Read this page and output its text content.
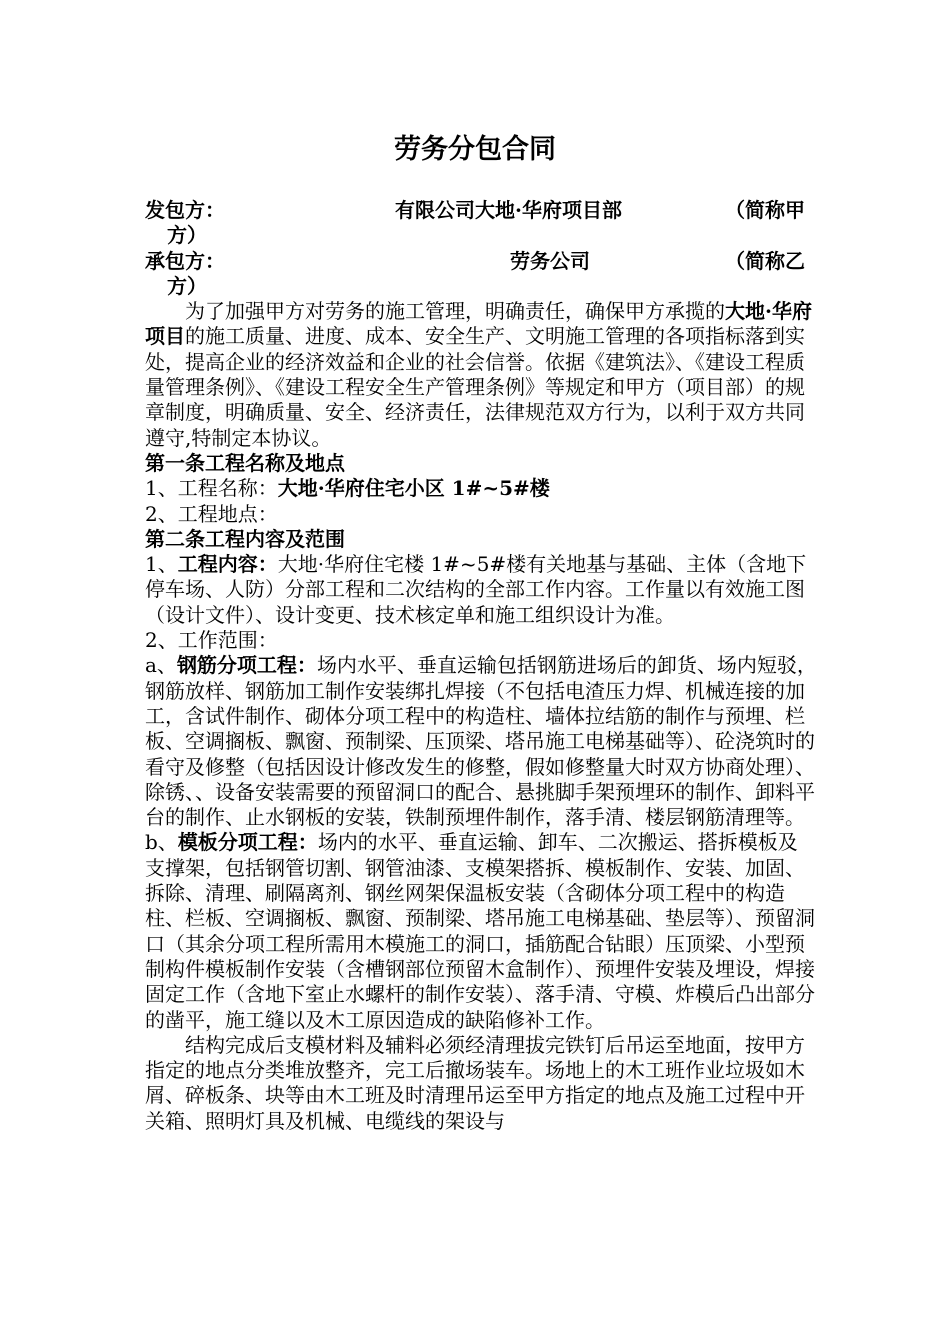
劳务分包合同
发包方：	有限公司大地·华府项目部	（简称甲
方）
承包方：	劳务公司	（简称乙
方）

为了加强甲方对劳务的施工管理，明确责任，确保甲方承揽的大地·华府项目的施工质量、进度、成本、安全生产、文明施工管理的各项指标落到实处，提高企业的经济效益和企业的社会信誉。依据《建筑法》、《建设工程质量管理条例》、《建设工程安全生产管理条例》等规定和甲方（项目部）的规章制度，明确质量、安全、经济责任，法律规范双方行为，以利于双方共同遵守,特制定本协议。

第一条工程名称及地点

1、工程名称：大地·华府住宅小区 1#~5#楼

2、工程地点：

第二条工程内容及范围

1、工程内容：大地·华府住宅楼 1#~5#楼有关地基与基础、主体（含地下停车场、人防）分部工程和二次结构的全部工作内容。工作量以有效施工图（设计文件）、设计变更、技术核定单和施工组织设计为准。

2、工作范围：

a、钢筋分项工程：场内水平、垂直运输包括钢筋进场后的卸货、场内短驳，钢筋放样、钢筋加工制作安装绑扎焊接（不包括电渣压力焊、机械连接的加工，含试件制作、砌体分项工程中的构造柱、墙体拉结筋的制作与预埋、栏板、空调搁板、飘窗、预制梁、压顶梁、塔吊施工电梯基础等）、砼浇筑时的看守及修整（包括因设计修改发生的修整，假如修整量大时双方协商处理）、除锈、、设备安装需要的预留洞口的配合、悬挑脚手架预埋环的制作、卸料平台的制作、止水钢板的安装，铁制预埋件制作，落手清、楼层钢筋清理等。

b、模板分项工程：场内的水平、垂直运输、卸车、二次搬运、搭拆模板及支撑架，包括钢管切割、钢管油漆、支模架搭拆、模板制作、安装、加固、拆除、清理、刷隔离剂、钢丝网架保温板安装（含砌体分项工程中的构造柱、栏板、空调搁板、飘窗、预制梁、塔吊施工电梯基础、垫层等）、预留洞口（其余分项工程所需用木模施工的洞口，插筋配合钻眼）压顶梁、小型预制构件模板制作安装（含槽钢部位预留木盒制作）、预埋件安装及埋设，焊接固定工作（含地下室止水螺杆的制作安装）、落手清、守模、炸模后凸出部分的凿平，施工缝以及木工原因造成的缺陷修补工作。

结构完成后支模材料及辅料必须经清理拔完铁钉后吊运至地面，按甲方指定的地点分类堆放整齐，完工后撤场装车。场地上的木工班作业垃圾如木屑、碎板条、块等由木工班及时清理吊运至甲方指定的地点及施工过程中开关箱、照明灯具及机械、电缆线的架设与
